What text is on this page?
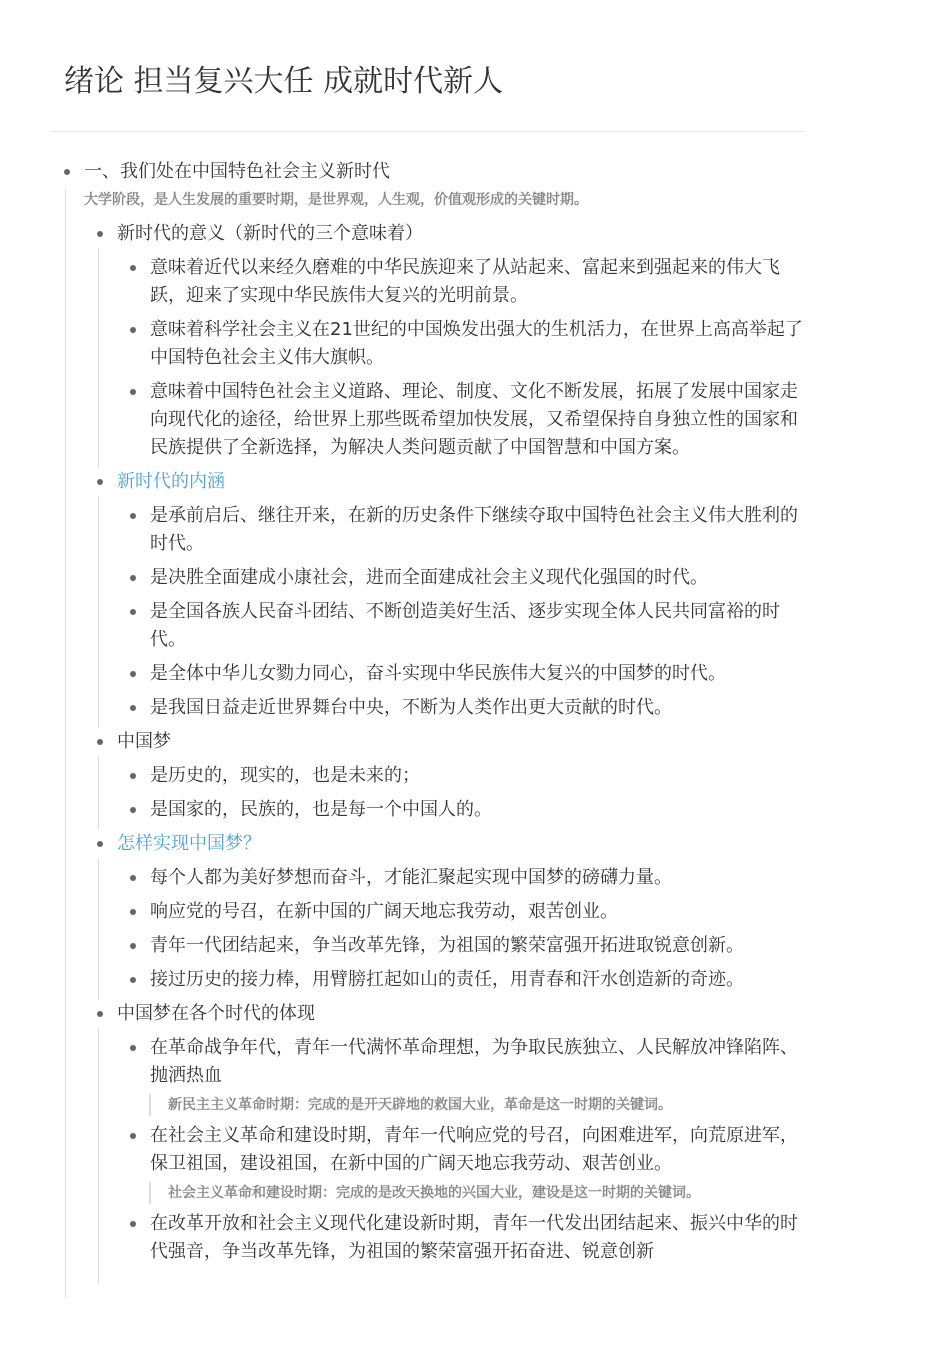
绪论 担当复兴大任 成就时代新人
一、我们处在中国特色社会主义新时代
大学阶段，是人生发展的重要时期，是世界观，人生观，价值观形成的关键时期。
新时代的意义（新时代的三个意味着）
意味着近代以来经久磨难的中华民族迎来了从站起来、富起来到强起来的伟大飞跃，迎来了实现中华民族伟大复兴的光明前景。
意味着科学社会主义在21世纪的中国焕发出强大的生机活力，在世界上高高举起了中国特色社会主义伟大旗帜。
意味着中国特色社会主义道路、理论、制度、文化不断发展，拓展了发展中国家走向现代化的途径，给世界上那些既希望加快发展，又希望保持自身独立性的国家和民族提供了全新选择，为解决人类问题贡献了中国智慧和中国方案。
新时代的内涵
是承前启后、继往开来，在新的历史条件下继续夺取中国特色社会主义伟大胜利的时代。
是决胜全面建成小康社会，进而全面建成社会主义现代化强国的时代。
是全国各族人民奋斗团结、不断创造美好生活、逐步实现全体人民共同富裕的时代。
是全体中华儿女勠力同心，奋斗实现中华民族伟大复兴的中国梦的时代。
是我国日益走近世界舞台中央，不断为人类作出更大贡献的时代。
中国梦
是历史的，现实的，也是未来的；
是国家的，民族的，也是每一个中国人的。
怎样实现中国梦？
每个人都为美好梦想而奋斗，才能汇聚起实现中国梦的磅礴力量。
响应党的号召，在新中国的广阔天地忘我劳动，艰苦创业。
青年一代团结起来，争当改革先锋，为祖国的繁荣富强开拓进取锐意创新。
接过历史的接力棒，用臂膀扛起如山的责任，用青春和汗水创造新的奇迹。
中国梦在各个时代的体现
在革命战争年代，青年一代满怀革命理想，为争取民族独立、人民解放冲锋陷阵、抛洒热血
新民主主义革命时期：完成的是开天辟地的救国大业，革命是这一时期的关键词。
在社会主义革命和建设时期，青年一代响应党的号召，向困难进军，向荒原进军，保卫祖国，建设祖国，在新中国的广阔天地忘我劳动、艰苦创业。
社会主义革命和建设时期：完成的是改天换地的兴国大业，建设是这一时期的关键词。
在改革开放和社会主义现代化建设新时期，青年一代发出团结起来、振兴中华的时代强音，争当改革先锋，为祖国的繁荣富强开拓奋进、锐意创新
